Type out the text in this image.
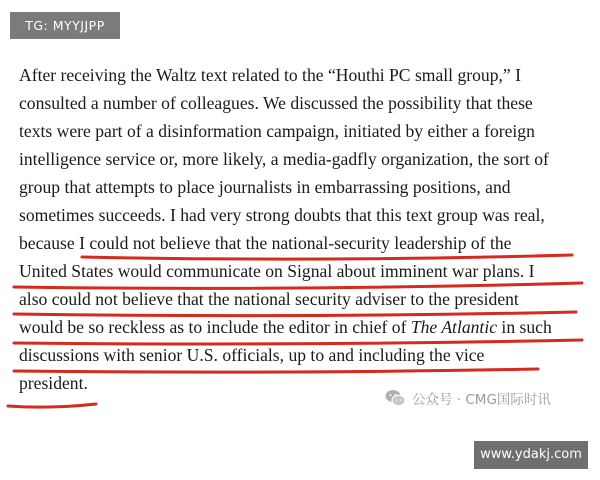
TG: MYYJJPP
After receiving the Waltz text related to the “Houthi PC small group,” I
consulted a number of colleagues. We discussed the possibility that these
texts were part of a disinformation campaign, initiated by either a foreign
intelligence service or, more likely, a media-gadfly organization, the sort of
group that attempts to place journalists in embarrassing positions, and
sometimes succeeds. I had very strong doubts that this text group was real,
because I could not believe that the national-security leadership of the
United States would communicate on Signal about imminent war plans. I
also could not believe that the national security adviser to the president
would be so reckless as to include the editor in chief of The Atlantic in such
discussions with senior U.S. officials, up to and including the vice
president.
公众号 · CMG国际时讯
www.ydakj.com
